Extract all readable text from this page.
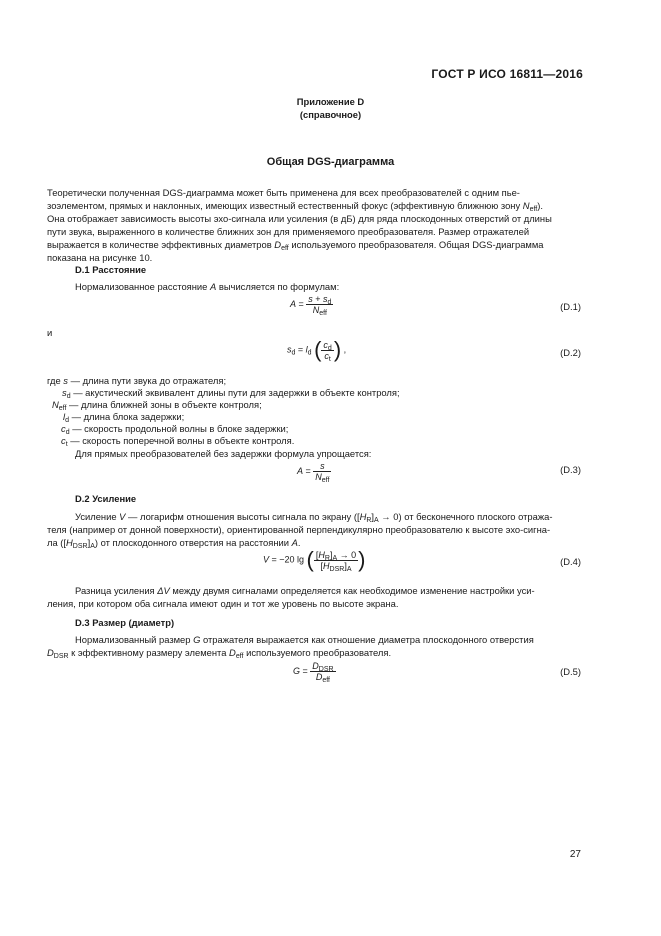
ГОСТ Р ИСО 16811—2016
Приложение D
(справочное)
Общая DGS-диаграмма
Теоретически полученная DGS-диаграмма может быть применена для всех преобразователей с одним пье-
зоэлементом, прямых и наклонных, имеющих известный естественный фокус (эффективную ближнюю зону $N_{eff}$).
Она отображает зависимость высоты эхо-сигнала или усиления (в дБ) для ряда плоскодонных отверстий от длины
пути звука, выраженного в количестве ближних зон для применяемого преобразователя. Размер отражателей
выражается в количестве эффективных диаметров $D_{eff}$ используемого преобразователя. Общая DGS-диаграмма
показана на рисунке 10.
D.1 Расстояние
Нормализованное расстояние A вычисляется по формулам:
$A = \frac{s + s_d}{N_{eff}}$	(D.1)
и
$s_d = l_d$ ( $\frac{c_d}{c_t}$ ) ,	(D.2)
где s — длина пути звука до отражателя;
$s_d$ — акустический эквивалент длины пути для задержки в объекте контроля;
$N_{eff}$ — длина ближней зоны в объекте контроля;
$l_d$ — длина блока задержки;
$c_d$ — скорость продольной волны в блоке задержки;
$c_t$ — скорость поперечной волны в объекте контроля.
Для прямых преобразователей без задержки формула упрощается:
$A = \frac{s}{N_{eff}}$	(D.3)
D.2 Усиление
Усиление V — логарифм отношения высоты сигнала по экрану $([H_R]_A \to 0)$ от бесконечного плоского отража-
теля (например от донной поверхности), ориентированной перпендикулярно преобразователю к высоте эхо-сигна-
ла $([H_{DSR}]_A)$ от плоскодонного отверстия на расстоянии A.
V = −20 lg ( $\frac{[H_R]_A \to 0}{[H_{DSR}]_A}$ )	(D.4)
Разница усиления ΔV между двумя сигналами определяется как необходимое изменение настройки уси-
ления, при котором оба сигнала имеют один и тот же уровень по высоте экрана.
D.3 Размер (диаметр)
Нормализованный размер G отражателя выражается как отношение диаметра плоскодонного отверстия
$D_{DSR}$ к эффективному размеру элемента $D_{eff}$ используемого преобразователя.
$G = \frac{D_{DSR}}{D_{eff}}$	(D.5)
27
